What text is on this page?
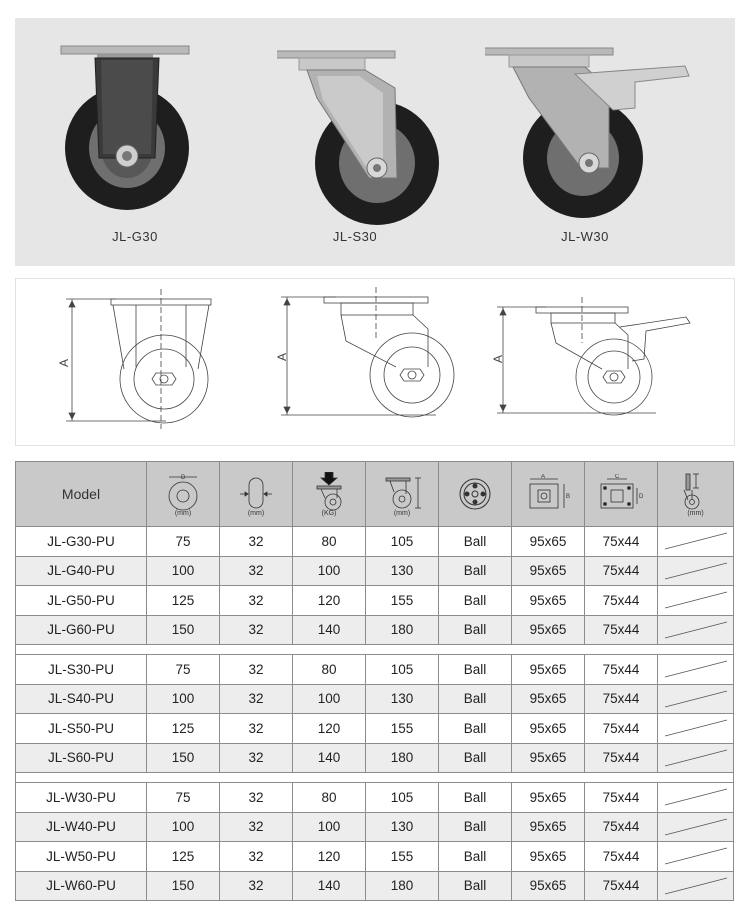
JL-G30	JL-S30	JL-W30
A
A	A
Model	D
(mm)	(mm)	(KG)	(mm)		A
B	C
D	(mm)

JL-G30-PU	75	32	80	105	Ball	95x65	75x44	

JL-G40-PU	100	32	100	130	Ball	95x65	75x44	

JL-G50-PU	125	32	120	155	Ball	95x65	75x44	

JL-G60-PU	150	32	140	180	Ball	95x65	75x44	

JL-S30-PU	75	32	80	105	Ball	95x65	75x44	

JL-S40-PU	100	32	100	130	Ball	95x65	75x44	

JL-S50-PU	125	32	120	155	Ball	95x65	75x44	

JL-S60-PU	150	32	140	180	Ball	95x65	75x44	

JL-W30-PU	75	32	80	105	Ball	95x65	75x44	

JL-W40-PU	100	32	100	130	Ball	95x65	75x44	

JL-W50-PU	125	32	120	155	Ball	95x65	75x44	

JL-W60-PU	150	32	140	180	Ball	95x65	75x44	
